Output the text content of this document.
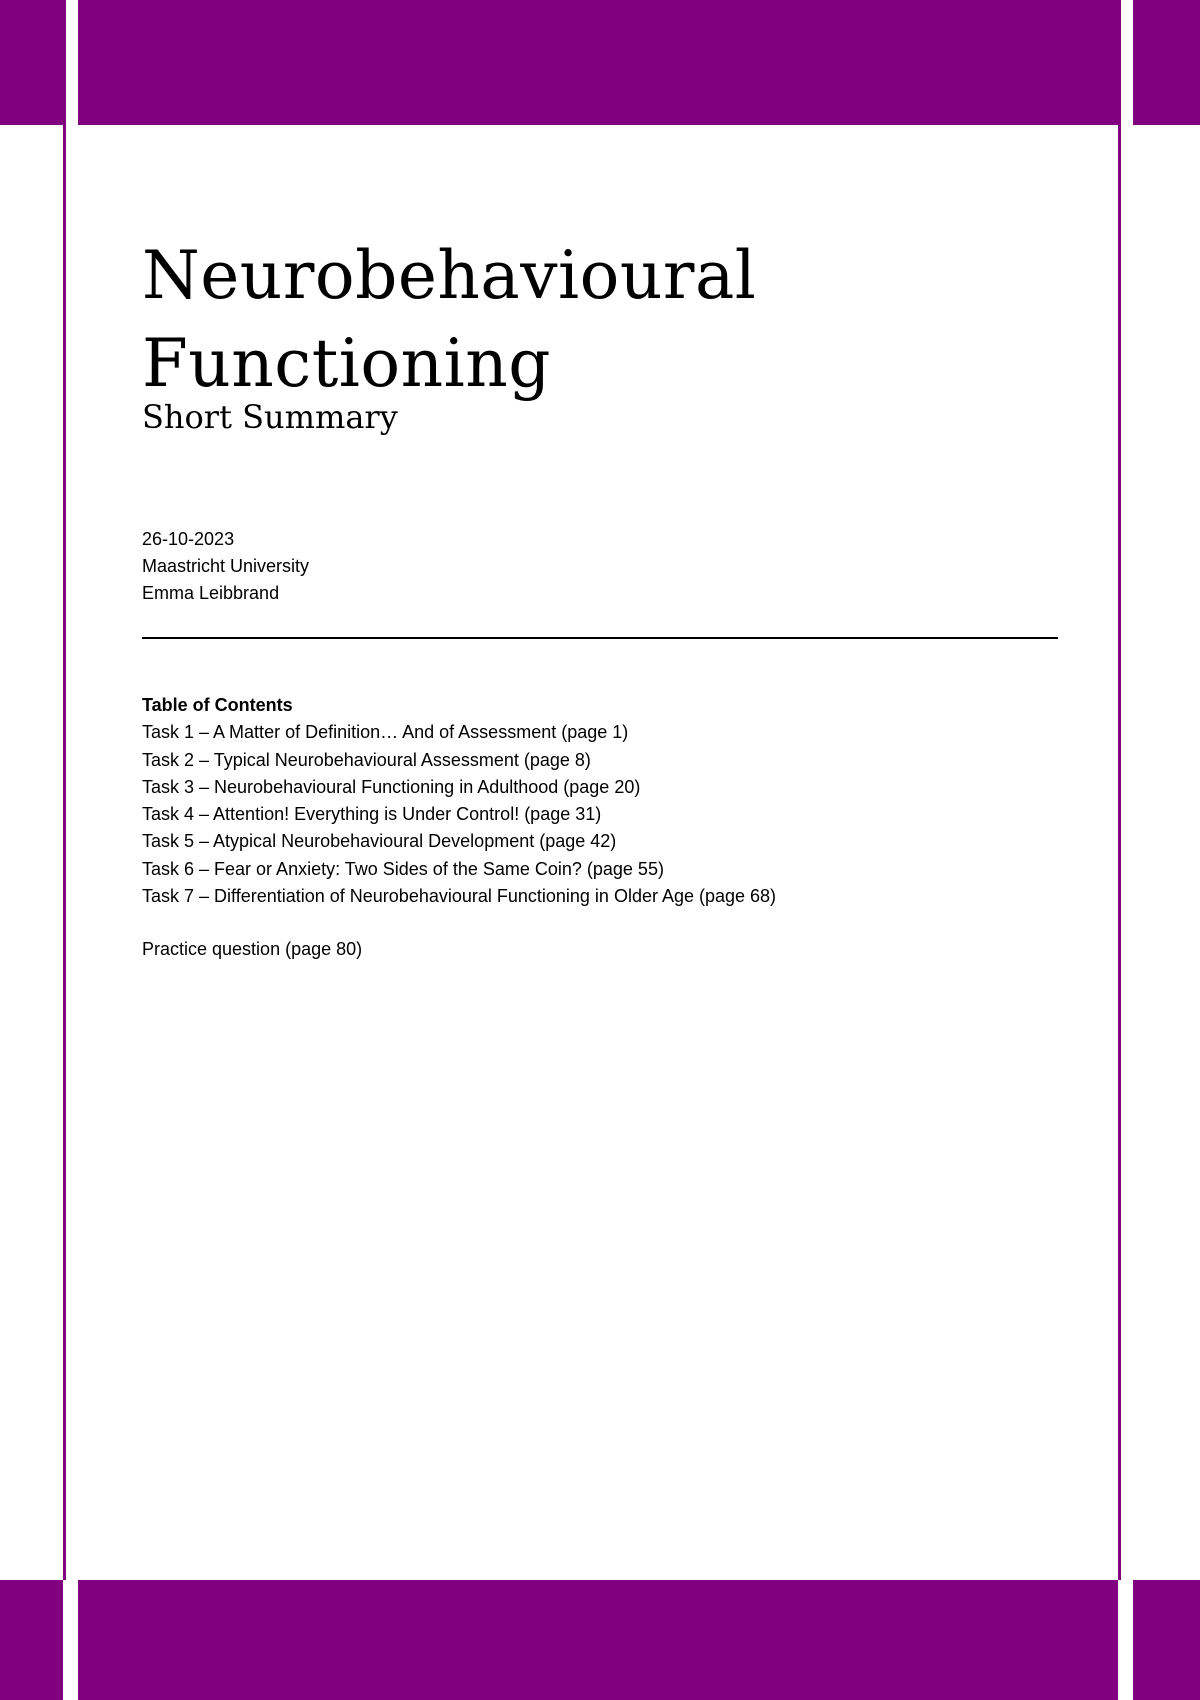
Neurobehavioural
Functioning
Short Summary
26-10-2023
Maastricht University
Emma Leibbrand
Table of Contents
Task 1 – A Matter of Definition… And of Assessment (page 1)
Task 2 – Typical Neurobehavioural Assessment (page 8)
Task 3 – Neurobehavioural Functioning in Adulthood (page 20)
Task 4 – Attention! Everything is Under Control! (page 31)
Task 5 – Atypical Neurobehavioural Development (page 42)
Task 6 – Fear or Anxiety: Two Sides of the Same Coin? (page 55)
Task 7 – Differentiation of Neurobehavioural Functioning in Older Age (page 68)
Practice question (page 80)
